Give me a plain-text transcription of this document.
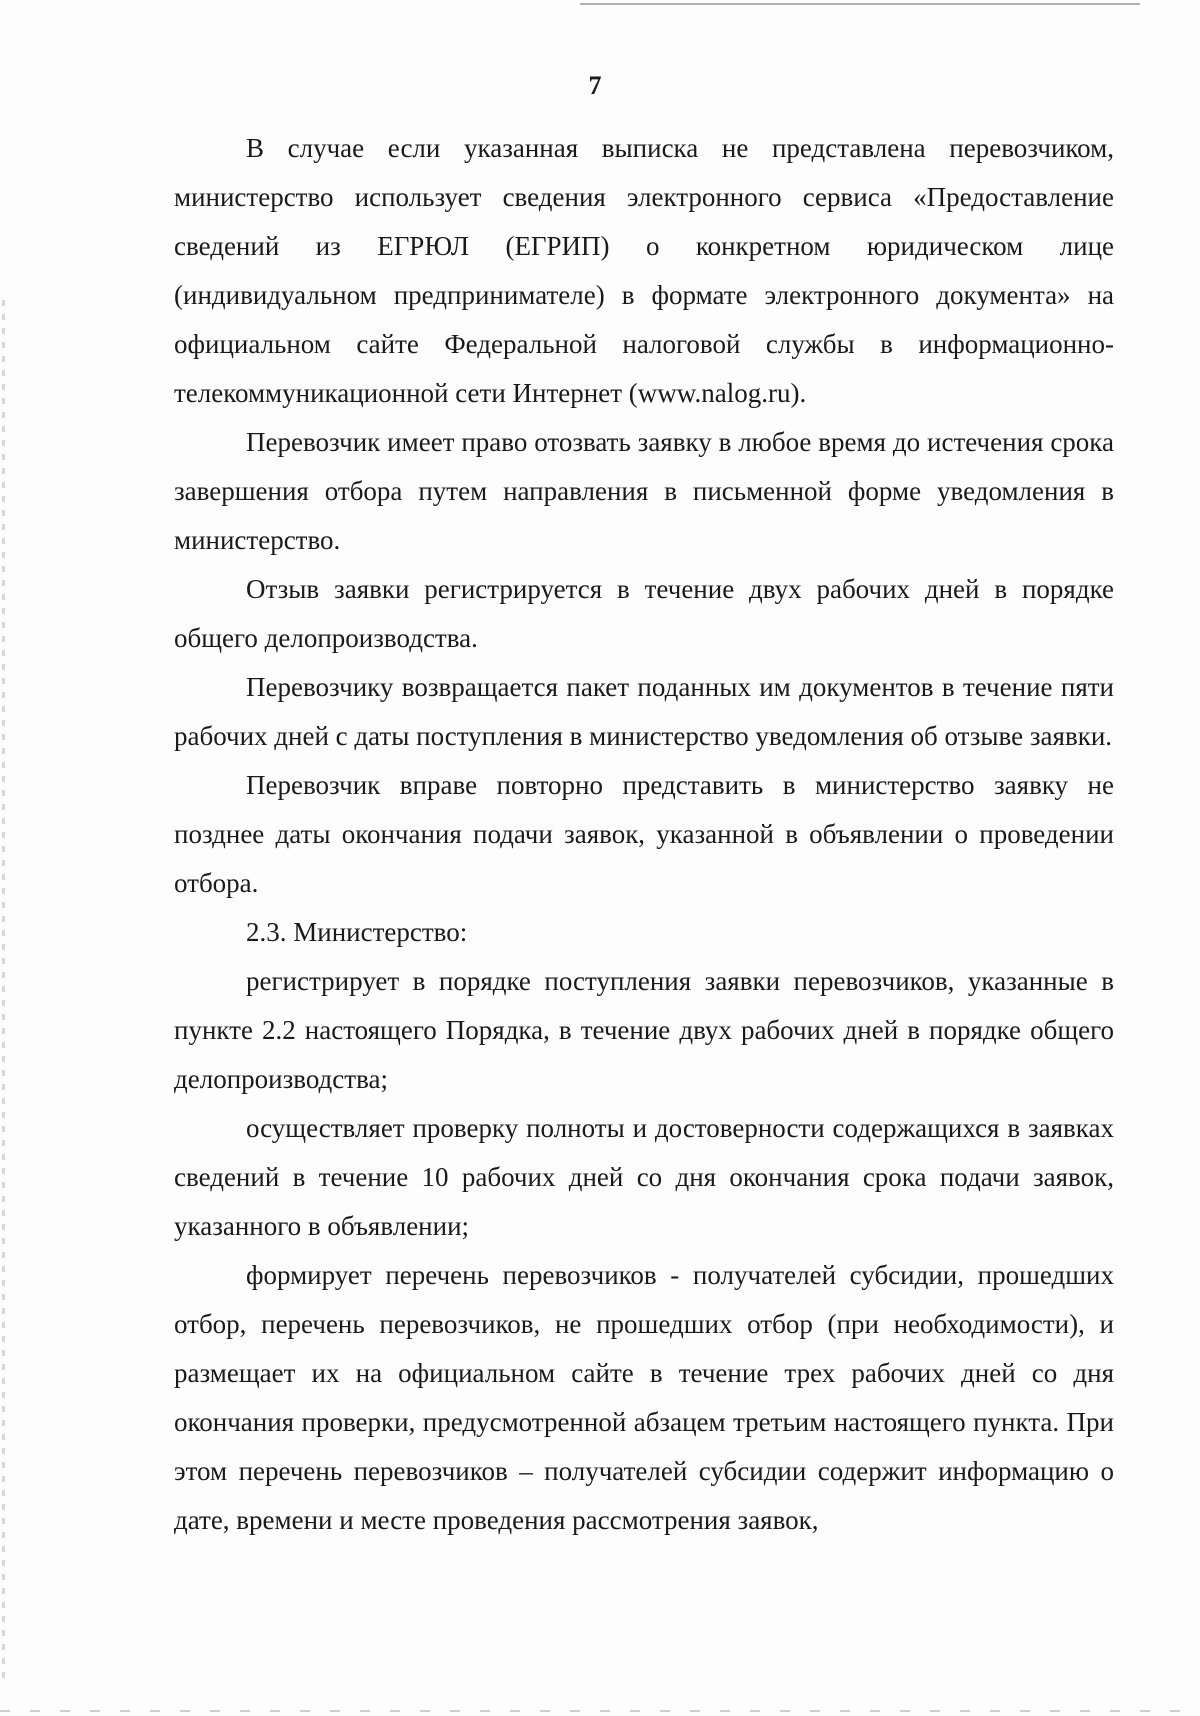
7

В случае если указанная выписка не представлена перевозчиком, министерство использует сведения электронного сервиса «Предоставление сведений из ЕГРЮЛ (ЕГРИП) о конкретном юридическом лице (индивидуальном предпринимателе) в формате электронного документа» на официальном сайте Федеральной налоговой службы в информационно-телекоммуникационной сети Интернет (www.nalog.ru).

Перевозчик имеет право отозвать заявку в любое время до истечения срока завершения отбора путем направления в письменной форме уведомления в министерство.

Отзыв заявки регистрируется в течение двух рабочих дней в порядке общего делопроизводства.

Перевозчику возвращается пакет поданных им документов в течение пяти рабочих дней с даты поступления в министерство уведомления об отзыве заявки.

Перевозчик вправе повторно представить в министерство заявку не позднее даты окончания подачи заявок, указанной в объявлении о проведении отбора.

2.3. Министерство:

регистрирует в порядке поступления заявки перевозчиков, указанные в пункте 2.2 настоящего Порядка, в течение двух рабочих дней в порядке общего делопроизводства;

осуществляет проверку полноты и достоверности содержащихся в заявках сведений в течение 10 рабочих дней со дня окончания срока подачи заявок, указанного в объявлении;

формирует перечень перевозчиков - получателей субсидии, прошедших отбор, перечень перевозчиков, не прошедших отбор (при необходимости), и размещает их на официальном сайте в течение трех рабочих дней со дня окончания проверки, предусмотренной абзацем третьим настоящего пункта. При этом перечень перевозчиков – получателей субсидии содержит информацию о дате, времени и месте проведения рассмотрения заявок,
